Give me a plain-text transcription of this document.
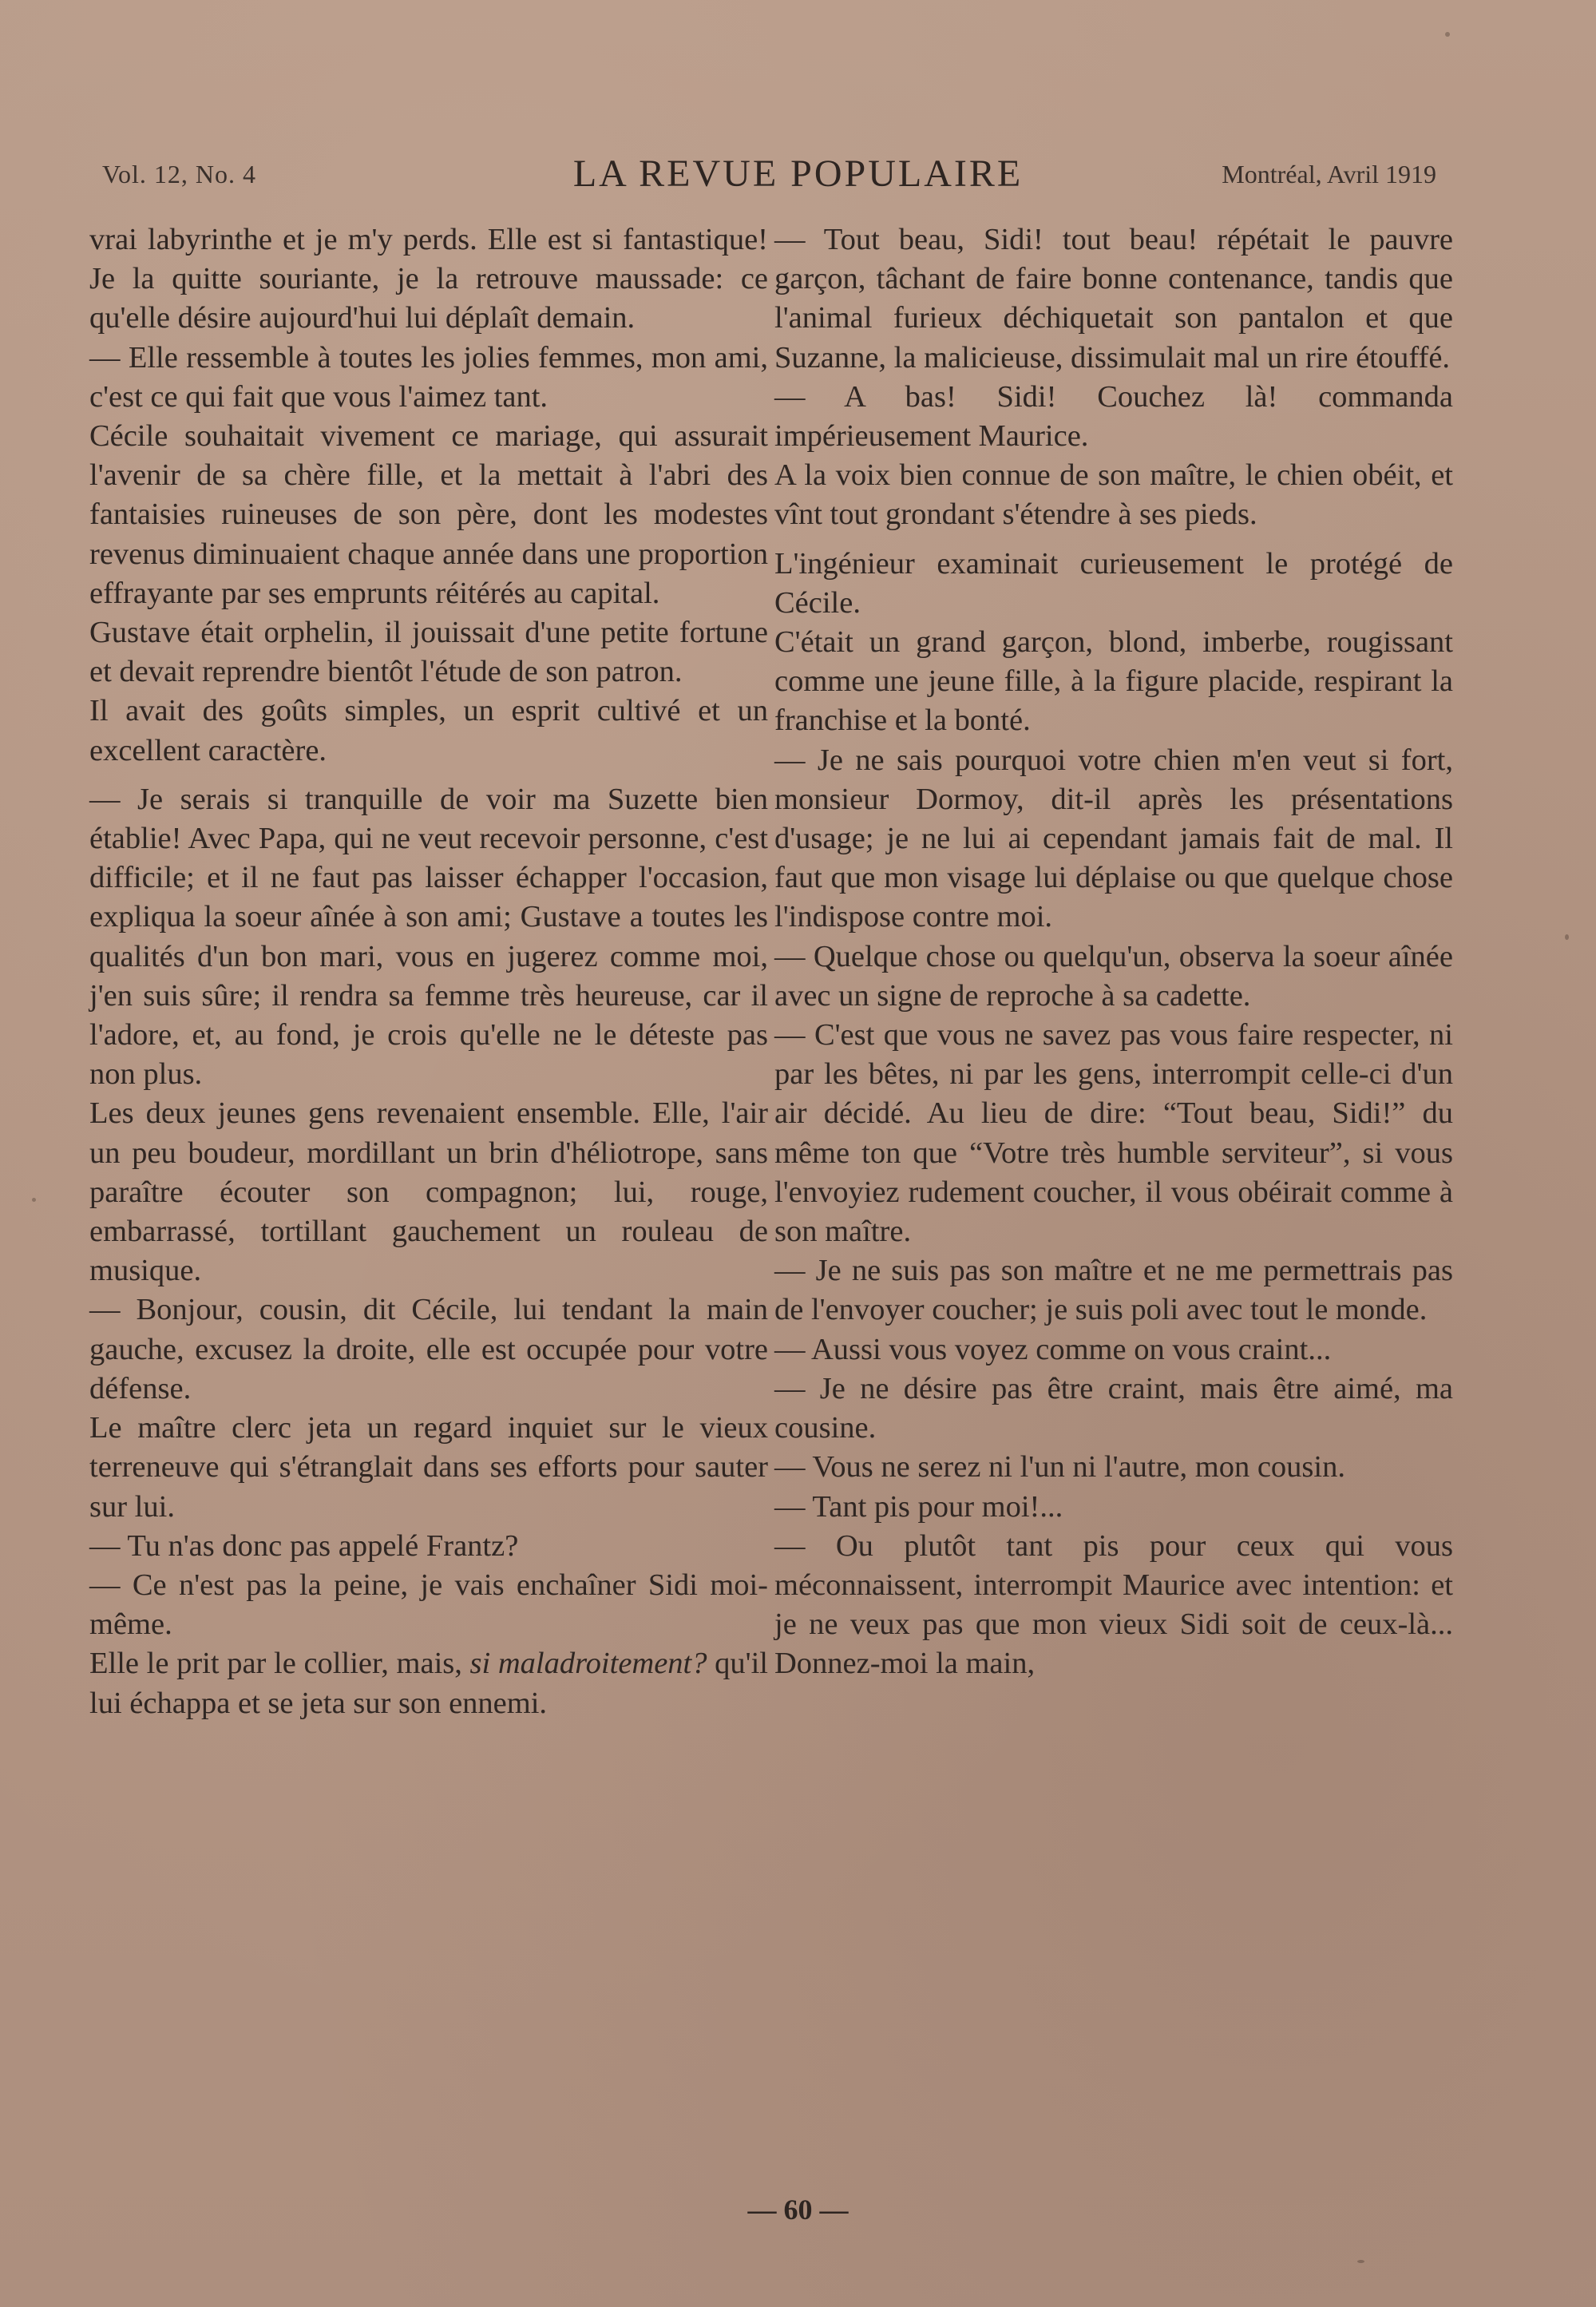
Vol. 12, No. 4	LA REVUE POPULAIRE	Montréal, Avril 1919

vrai labyrinthe et je m'y perds. Elle est si fantastique! Je la quitte souriante, je la retrouve maussade: ce qu'elle désire aujourd'hui lui déplaît demain.

— Elle ressemble à toutes les jolies femmes, mon ami, c'est ce qui fait que vous l'aimez tant.

Cécile souhaitait vivement ce mariage, qui assurait l'avenir de sa chère fille, et la mettait à l'abri des fantaisies ruineuses de son père, dont les modestes revenus diminuaient chaque année dans une proportion effrayante par ses emprunts réitérés au capital.

Gustave était orphelin, il jouissait d'une petite fortune et devait reprendre bientôt l'étude de son patron.

Il avait des goûts simples, un esprit cultivé et un excellent caractère.

— Je serais si tranquille de voir ma Suzette bien établie! Avec Papa, qui ne veut recevoir personne, c'est difficile; et il ne faut pas laisser échapper l'occasion, expliqua la soeur aînée à son ami; Gustave a toutes les qualités d'un bon mari, vous en jugerez comme moi, j'en suis sûre; il rendra sa femme très heureuse, car il l'adore, et, au fond, je crois qu'elle ne le déteste pas non plus.

Les deux jeunes gens revenaient ensemble. Elle, l'air un peu boudeur, mordillant un brin d'héliotrope, sans paraître écouter son compagnon; lui, rouge, embarrassé, tortillant gauchement un rouleau de musique.

— Bonjour, cousin, dit Cécile, lui tendant la main gauche, excusez la droite, elle est occupée pour votre défense.

Le maître clerc jeta un regard inquiet sur le vieux terreneuve qui s'étranglait dans ses efforts pour sauter sur lui.

— Tu n'as donc pas appelé Frantz?

— Ce n'est pas la peine, je vais enchaîner Sidi moi-même.

Elle le prit par le collier, mais, si maladroitement? qu'il lui échappa et se jeta sur son ennemi.

— Tout beau, Sidi! tout beau! répétait le pauvre garçon, tâchant de faire bonne contenance, tandis que l'animal furieux déchiquetait son pantalon et que Suzanne, la malicieuse, dissimulait mal un rire étouffé.

— A bas! Sidi! Couchez là! commanda impérieusement Maurice.

A la voix bien connue de son maître, le chien obéit, et vînt tout grondant s'étendre à ses pieds.

L'ingénieur examinait curieusement le protégé de Cécile.

C'était un grand garçon, blond, imberbe, rougissant comme une jeune fille, à la figure placide, respirant la franchise et la bonté.

— Je ne sais pourquoi votre chien m'en veut si fort, monsieur Dormoy, dit-il après les présentations d'usage; je ne lui ai cependant jamais fait de mal. Il faut que mon visage lui déplaise ou que quelque chose l'indispose contre moi.

— Quelque chose ou quelqu'un, observa la soeur aînée avec un signe de reproche à sa cadette.

— C'est que vous ne savez pas vous faire respecter, ni par les bêtes, ni par les gens, interrompit celle-ci d'un air décidé. Au lieu de dire: “Tout beau, Sidi!” du même ton que “Votre très humble serviteur”, si vous l'envoyiez rudement coucher, il vous obéirait comme à son maître.

— Je ne suis pas son maître et ne me permettrais pas de l'envoyer coucher; je suis poli avec tout le monde.

— Aussi vous voyez comme on vous craint...

— Je ne désire pas être craint, mais être aimé, ma cousine.

— Vous ne serez ni l'un ni l'autre, mon cousin.

— Tant pis pour moi!...

— Ou plutôt tant pis pour ceux qui vous méconnaissent, interrompit Maurice avec intention: et je ne veux pas que mon vieux Sidi soit de ceux-là... Donnez-moi la main,

— 60 —
